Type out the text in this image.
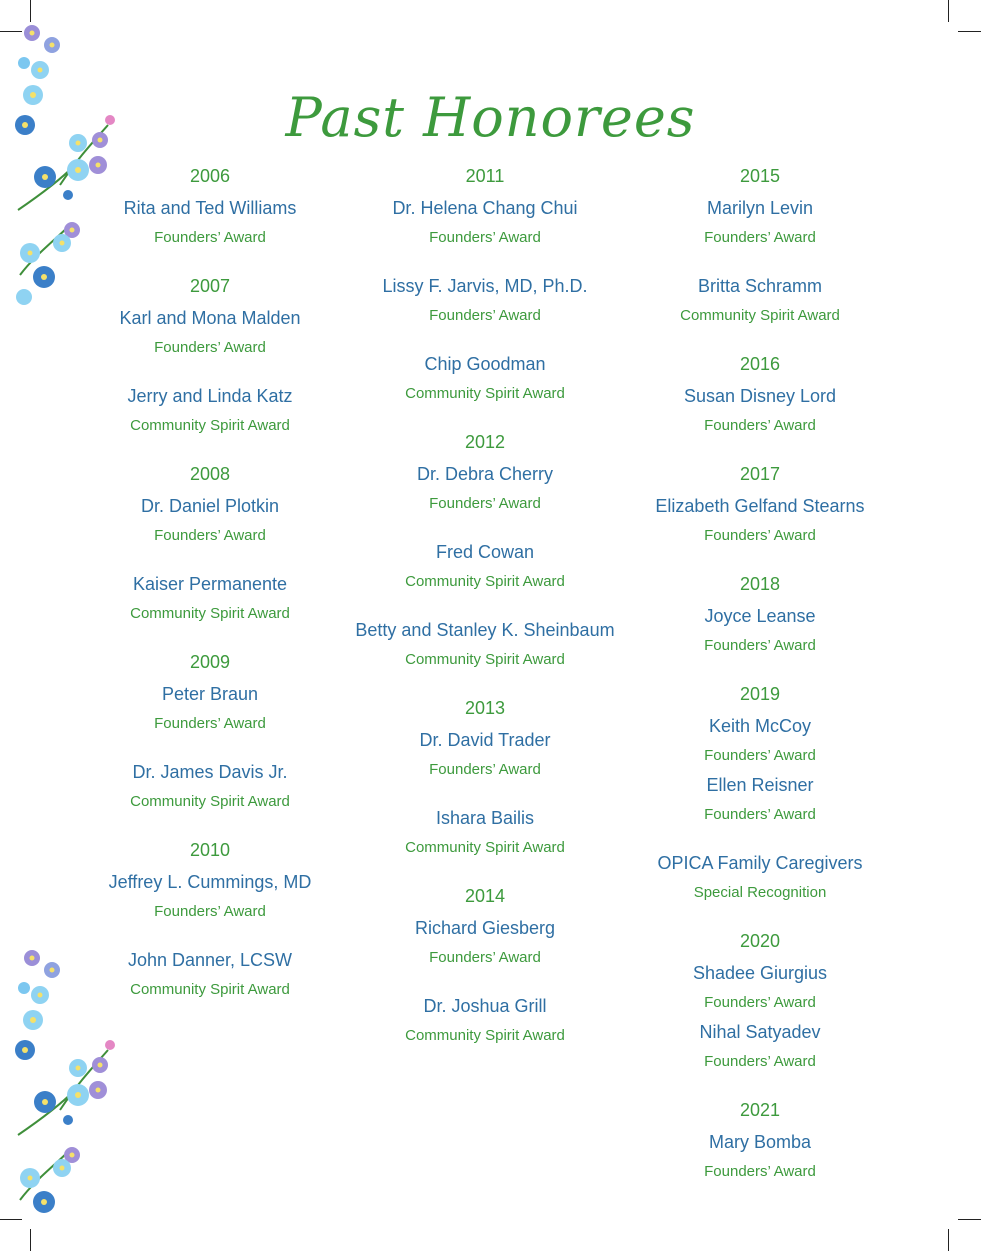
Past Honorees
2006
Rita and Ted Williams
Founders’ Award
2007
Karl and Mona Malden
Founders’ Award
Jerry and Linda Katz
Community Spirit Award
2008
Dr. Daniel Plotkin
Founders’ Award
Kaiser Permanente
Community Spirit Award
2009
Peter Braun
Founders’ Award
Dr. James Davis Jr.
Community Spirit Award
2010
Jeffrey L. Cummings, MD
Founders’ Award
John Danner, LCSW
Community Spirit Award
2011
Dr. Helena Chang Chui
Founders’ Award
Lissy F. Jarvis, MD, Ph.D.
Founders’ Award
Chip Goodman
Community Spirit Award
2012
Dr. Debra Cherry
Founders’ Award
Fred Cowan
Community Spirit Award
Betty and Stanley K. Sheinbaum
Community Spirit Award
2013
Dr. David Trader
Founders’ Award
Ishara Bailis
Community Spirit Award
2014
Richard Giesberg
Founders’ Award
Dr. Joshua Grill
Community Spirit Award
2015
Marilyn Levin
Founders’ Award
Britta Schramm
Community Spirit Award
2016
Susan Disney Lord
Founders’ Award
2017
Elizabeth Gelfand Stearns
Founders’ Award
2018
Joyce Leanse
Founders’ Award
2019
Keith McCoy
Founders’ Award
Ellen Reisner
Founders’ Award
OPICA Family Caregivers
Special Recognition
2020
Shadee Giurgius
Founders’ Award
Nihal Satyadev
Founders’ Award
2021
Mary Bomba
Founders’ Award
